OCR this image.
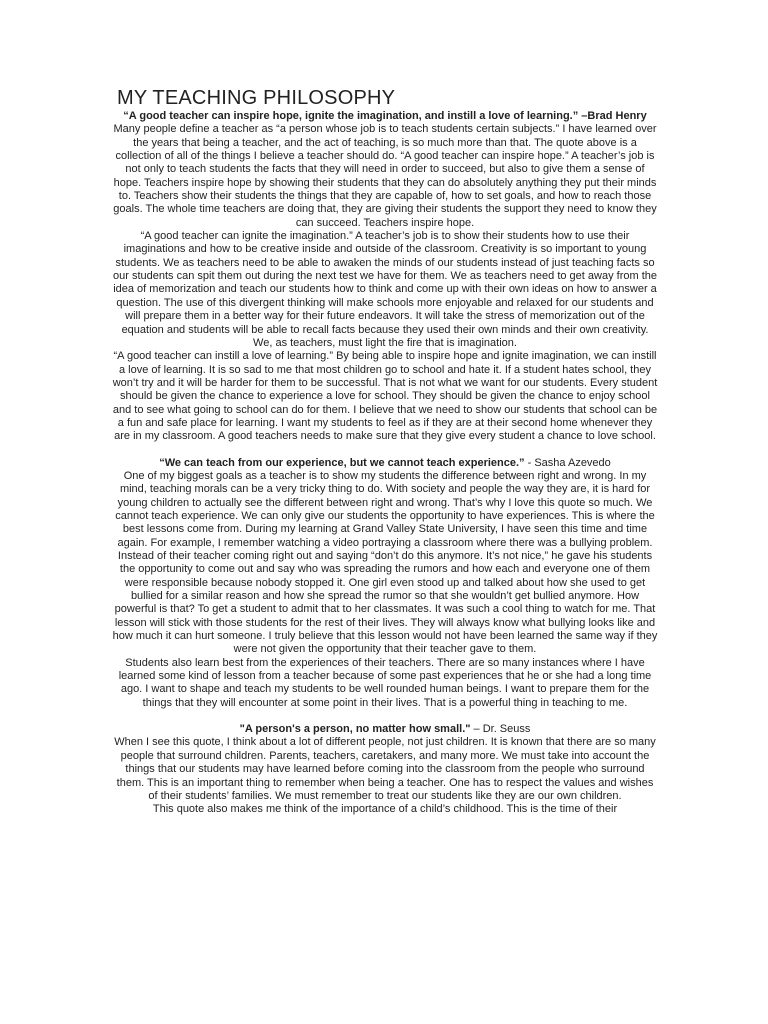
MY TEACHING PHILOSOPHY

“A good teacher can inspire hope, ignite the imagination, and instill a love of learning.” –Brad Henry

Many people define a teacher as “a person whose job is to teach students certain subjects.” I have learned over the years that being a teacher, and the act of teaching, is so much more than that. The quote above is a collection of all of the things I believe a teacher should do. “A good teacher can inspire hope.” A teacher’s job is not only to teach students the facts that they will need in order to succeed, but also to give them a sense of hope. Teachers inspire hope by showing their students that they can do absolutely anything they put their minds to. Teachers show their students the things that they are capable of, how to set goals, and how to reach those goals. The whole time teachers are doing that, they are giving their students the support they need to know they can succeed. Teachers inspire hope.

“A good teacher can ignite the imagination.” A teacher’s job is to show their students how to use their imaginations and how to be creative inside and outside of the classroom. Creativity is so important to young students. We as teachers need to be able to awaken the minds of our students instead of just teaching facts so our students can spit them out during the next test we have for them. We as teachers need to get away from the idea of memorization and teach our students how to think and come up with their own ideas on how to answer a question. The use of this divergent thinking will make schools more enjoyable and relaxed for our students and will prepare them in a better way for their future endeavors. It will take the stress of memorization out of the equation and students will be able to recall facts because they used their own minds and their own creativity. We, as teachers, must light the fire that is imagination.

“A good teacher can instill a love of learning.” By being able to inspire hope and ignite imagination, we can instill a love of learning. It is so sad to me that most children go to school and hate it. If a student hates school, they won’t try and it will be harder for them to be successful. That is not what we want for our students. Every student should be given the chance to experience a love for school. They should be given the chance to enjoy school and to see what going to school can do for them. I believe that we need to show our students that school can be a fun and safe place for learning. I want my students to feel as if they are at their second home whenever they are in my classroom. A good teachers needs to make sure that they give every student a chance to love school.

“We can teach from our experience, but we cannot teach experience.” - Sasha Azevedo

One of my biggest goals as a teacher is to show my students the difference between right and wrong. In my mind, teaching morals can be a very tricky thing to do. With society and people the way they are, it is hard for young children to actually see the different between right and wrong. That’s why I love this quote so much. We cannot teach experience. We can only give our students the opportunity to have experiences. This is where the best lessons come from. During my learning at Grand Valley State University, I have seen this time and time again. For example, I remember watching a video portraying a classroom where there was a bullying problem. Instead of their teacher coming right out and saying “don’t do this anymore. It’s not nice,” he gave his students the opportunity to come out and say who was spreading the rumors and how each and everyone one of them were responsible because nobody stopped it. One girl even stood up and talked about how she used to get bullied for a similar reason and how she spread the rumor so that she wouldn’t get bullied anymore. How powerful is that? To get a student to admit that to her classmates. It was such a cool thing to watch for me. That lesson will stick with those students for the rest of their lives. They will always know what bullying looks like and how much it can hurt someone. I truly believe that this lesson would not have been learned the same way if they were not given the opportunity that their teacher gave to them.

Students also learn best from the experiences of their teachers. There are so many instances where I have learned some kind of lesson from a teacher because of some past experiences that he or she had a long time ago. I want to shape and teach my students to be well rounded human beings. I want to prepare them for the things that they will encounter at some point in their lives. That is a powerful thing in teaching to me.

"A person's a person, no matter how small." – Dr. Seuss

When I see this quote, I think about a lot of different people, not just children. It is known that there are so many people that surround children. Parents, teachers, caretakers, and many more. We must take into account the things that our students may have learned before coming into the classroom from the people who surround them. This is an important thing to remember when being a teacher. One has to respect the values and wishes of their students’ families. We must remember to treat our students like they are our own children.

This quote also makes me think of the importance of a child’s childhood. This is the time of their
